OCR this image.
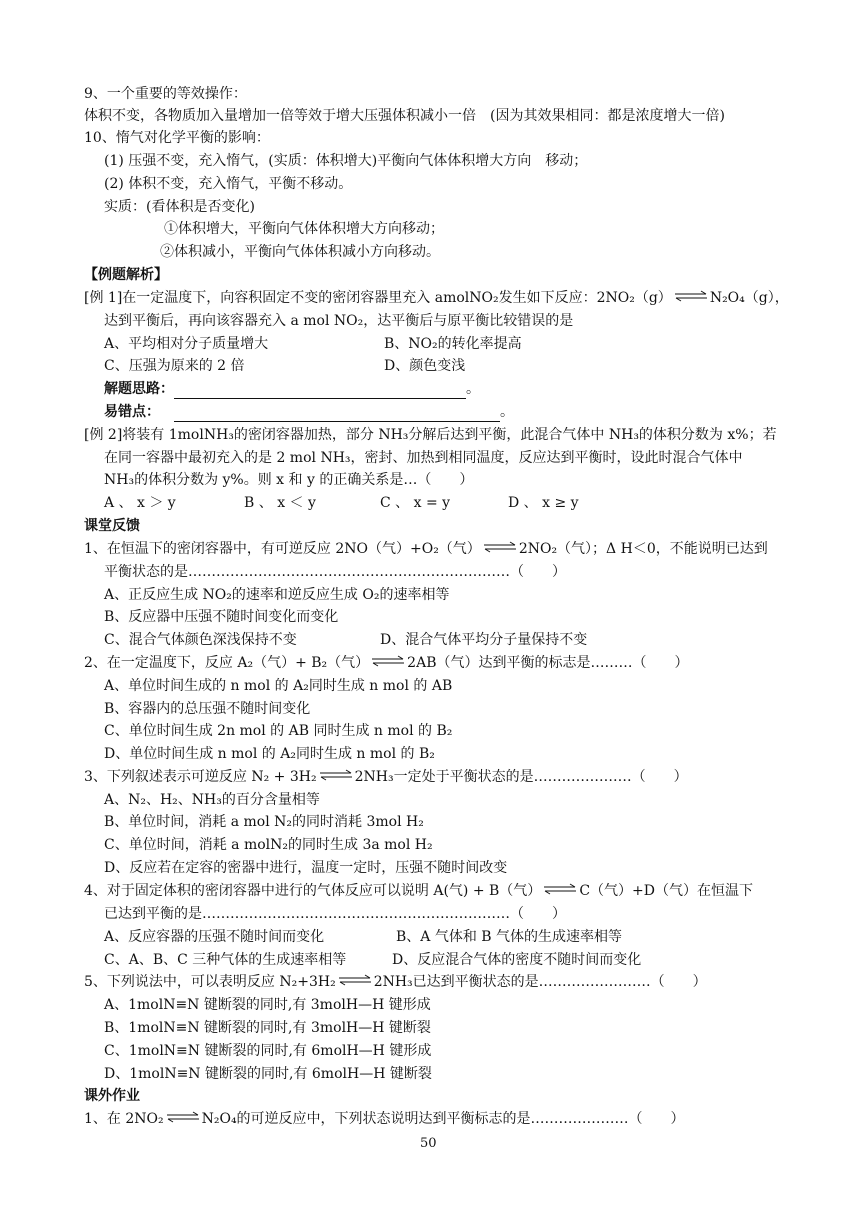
9、一个重要的等效操作：
体积不变，各物质加入量增加一倍等效于增大压强体积减小一倍　(因为其效果相同：都是浓度增大一倍)
10、惰气对化学平衡的影响：
(1) 压强不变，充入惰气，(实质：体积增大)平衡向气体体积增大方向　移动；
(2) 体积不变，充入惰气，平衡不移动。
实质：(看体积是否变化)
①体积增大，平衡向气体体积增大方向移动；
②体积减小，平衡向气体体积减小方向移动。
【例题解析】
[例 1]在一定温度下，向容积固定不变的密闭容器里充入 amolNO₂发生如下反应：2NO₂（g） ⇌ N₂O₄（g），
达到平衡后，再向该容器充入 a mol NO₂，达平衡后与原平衡比较错误的是
A、平均相对分子质量增大	B、NO₂的转化率提高
C、压强为原来的 2 倍	D、颜色变浅
解题思路：	。
易错点：	。
[例 2]将装有 1molNH₃的密闭容器加热，部分 NH₃分解后达到平衡，此混合气体中 NH₃的体积分数为 x%；若
在同一容器中最初充入的是 2 mol NH₃，密封、加热到相同温度，反应达到平衡时，设此时混合气体中
NH₃的体积分数为 y%。则 x 和 y 的正确关系是…（　　）
A 、 x ＞ y	B 、 x ＜ y	C 、 x = y	D 、 x ≥ y
课堂反馈
1、在恒温下的密闭容器中，有可逆反应 2NO（气）+O₂（气） ⇌ 2NO₂（气）；Δ H＜0，不能说明已达到
平衡状态的是……………………………………………………………（　　）
A、正反应生成 NO₂的速率和逆反应生成 O₂的速率相等
B、反应器中压强不随时间变化而变化
C、混合气体颜色深浅保持不变	D、混合气体平均分子量保持不变
2、在一定温度下，反应 A₂（气）+ B₂（气） ⇌ 2AB（气）达到平衡的标志是………（　　）
A、单位时间生成的 n mol 的 A₂同时生成 n mol 的 AB
B、容器内的总压强不随时间变化
C、单位时间生成 2n mol 的 AB 同时生成 n mol 的 B₂
D、单位时间生成 n mol 的 A₂同时生成 n mol 的 B₂
3、下列叙述表示可逆反应 N₂ + 3H₂ ⇌ 2NH₃一定处于平衡状态的是…………………（　　）
A、N₂、H₂、NH₃的百分含量相等
B、单位时间，消耗 a mol N₂的同时消耗 3mol H₂
C、单位时间，消耗 a molN₂的同时生成 3a mol H₂
D、反应若在定容的密器中进行，温度一定时，压强不随时间改变
4、对于固定体积的密闭容器中进行的气体反应可以说明 A(气) + B（气） ⇌ C（气）+D（气）在恒温下
已达到平衡的是…………………………………………………………（　　）
A、反应容器的压强不随时间而变化	B、A 气体和 B 气体的生成速率相等
C、A、B、C 三种气体的生成速率相等	D、反应混合气体的密度不随时间而变化
5、下列说法中，可以表明反应 N₂+3H₂ ⇌ 2NH₃已达到平衡状态的是……………………（　　）
A、1molN≡N 键断裂的同时,有 3molH—H 键形成
B、1molN≡N 键断裂的同时,有 3molH—H 键断裂
C、1molN≡N 键断裂的同时,有 6molH—H 键形成
D、1molN≡N 键断裂的同时,有 6molH—H 键断裂
课外作业
1、在 2NO₂ ⇌ N₂O₄的可逆反应中，下列状态说明达到平衡标志的是…………………（　　）
50
